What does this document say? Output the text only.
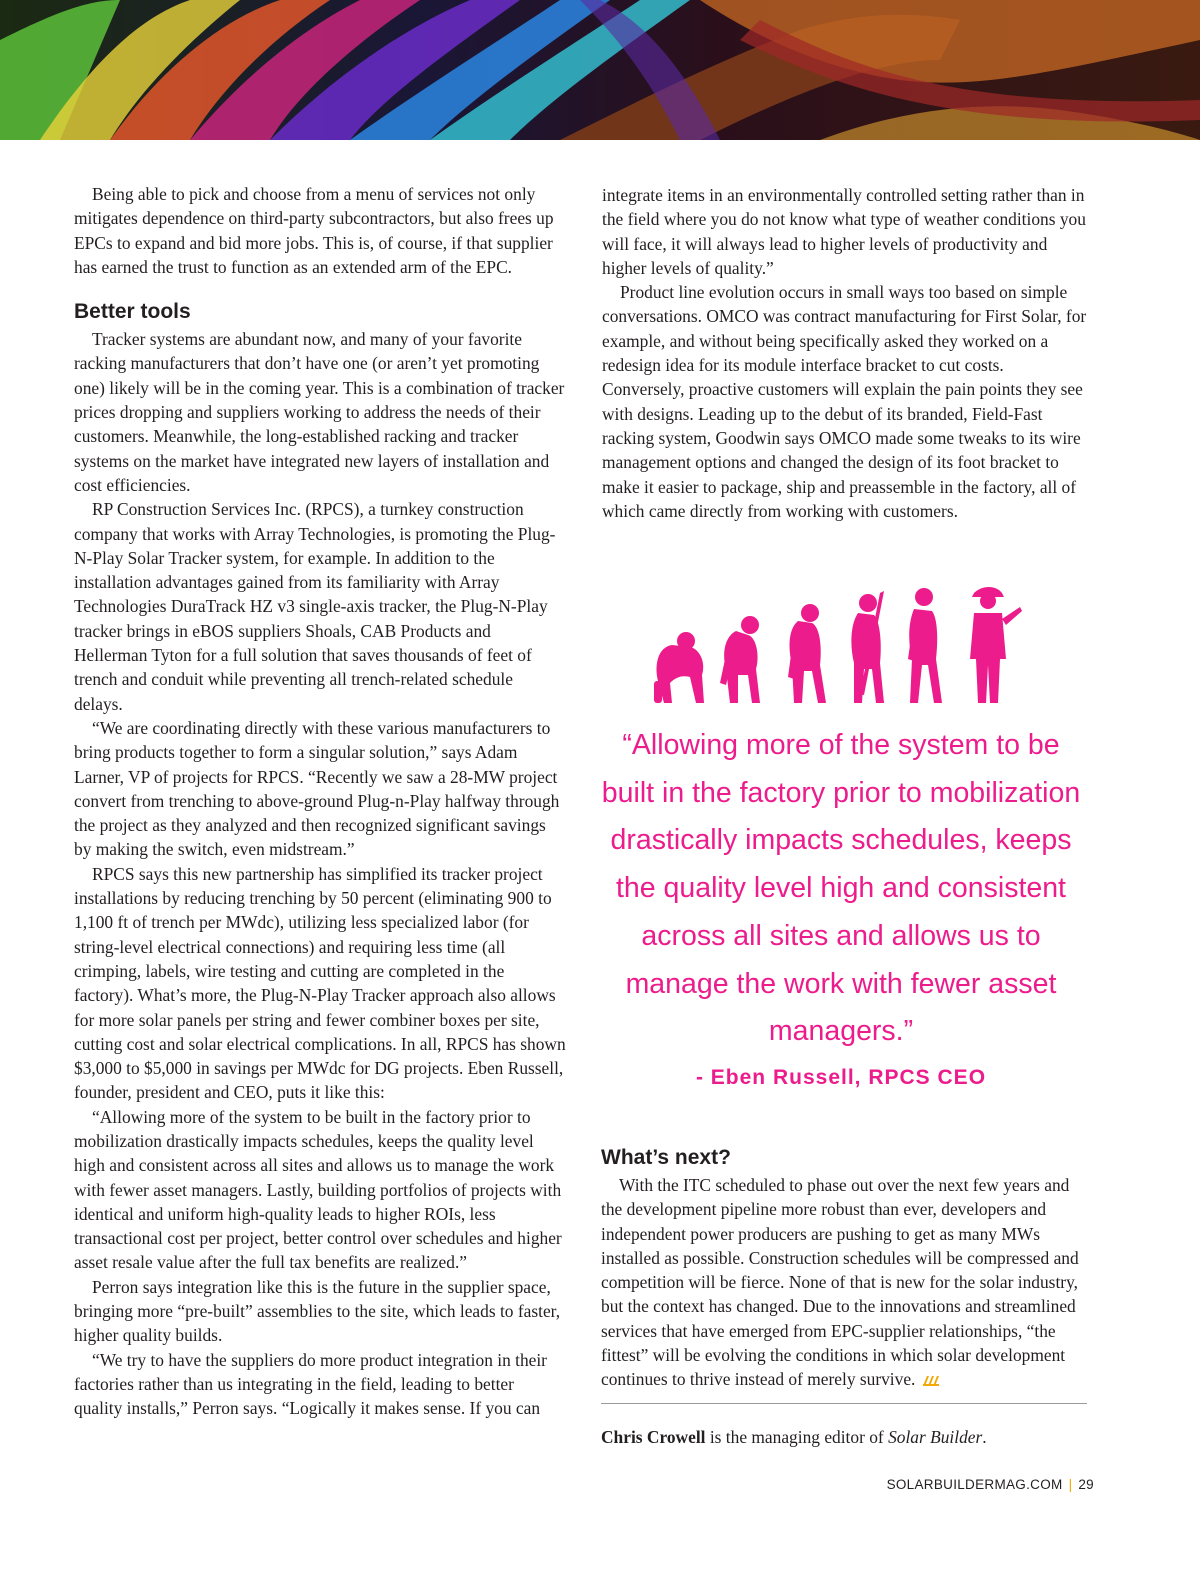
Being able to pick and choose from a menu of services not only mitigates dependence on third-party subcontractors, but also frees up EPCs to expand and bid more jobs. This is, of course, if that supplier has earned the trust to function as an extended arm of the EPC.

Better tools

Tracker systems are abundant now, and many of your favorite racking manufacturers that don’t have one (or aren’t yet promoting one) likely will be in the coming year. This is a combination of tracker prices dropping and suppliers working to address the needs of their customers. Meanwhile, the long-established racking and tracker systems on the market have integrated new layers of installation and cost efficiencies.

RP Construction Services Inc. (RPCS), a turnkey construction company that works with Array Technologies, is promoting the Plug-N-Play Solar Tracker system, for example. In addition to the installation advantages gained from its familiarity with Array Technologies DuraTrack HZ v3 single-axis tracker, the Plug-N-Play tracker brings in eBOS suppliers Shoals, CAB Products and Hellerman Tyton for a full solution that saves thousands of feet of trench and conduit while preventing all trench-related schedule delays.

“We are coordinating directly with these various manufacturers to bring products together to form a singular solution,” says Adam Larner, VP of projects for RPCS. “Recently we saw a 28-MW project convert from trenching to above-ground Plug-n-Play halfway through the project as they analyzed and then recognized significant savings by making the switch, even midstream.”

RPCS says this new partnership has simplified its tracker project installations by reducing trenching by 50 percent (eliminating 900 to 1,100 ft of trench per MWdc), utilizing less specialized labor (for string-level electrical connections) and requiring less time (all crimping, labels, wire testing and cutting are completed in the factory). What’s more, the Plug-N-Play Tracker approach also allows for more solar panels per string and fewer combiner boxes per site, cutting cost and solar electrical complications. In all, RPCS has shown $3,000 to $5,000 in savings per MWdc for DG projects. Eben Russell, founder, president and CEO, puts it like this:

“Allowing more of the system to be built in the factory prior to mobilization drastically impacts schedules, keeps the quality level high and consistent across all sites and allows us to manage the work with fewer asset managers. Lastly, building portfolios of projects with identical and uniform high-quality leads to higher ROIs, less transactional cost per project, better control over schedules and higher asset resale value after the full tax benefits are realized.”

Perron says integration like this is the future in the supplier space, bringing more “pre-built” assemblies to the site, which leads to faster, higher quality builds.

“We try to have the suppliers do more product integration in their factories rather than us integrating in the field, leading to better quality installs,” Perron says. “Logically it makes sense. If you can

integrate items in an environmentally controlled setting rather than in the field where you do not know what type of weather conditions you will face, it will always lead to higher levels of productivity and higher levels of quality.”

Product line evolution occurs in small ways too based on simple conversations. OMCO was contract manufacturing for First Solar, for example, and without being specifically asked they worked on a redesign idea for its module interface bracket to cut costs. Conversely, proactive customers will explain the pain points they see with designs. Leading up to the debut of its branded, Field-Fast racking system, Goodwin says OMCO made some tweaks to its wire management options and changed the design of its foot bracket to make it easier to package, ship and preassemble in the factory, all of which came directly from working with customers.

“Allowing more of the system to be built in the factory prior to mobilization drastically impacts schedules, keeps the quality level high and consistent across all sites and allows us to manage the work with fewer asset managers.”
- Eben Russell, RPCS CEO
What’s next?

With the ITC scheduled to phase out over the next few years and the development pipeline more robust than ever, developers and independent power producers are pushing to get as many MWs installed as possible. Construction schedules will be compressed and competition will be fierce. None of that is new for the solar industry, but the context has changed. Due to the innovations and streamlined services that have emerged from EPC-supplier relationships, “the fittest” will be evolving the conditions in which solar development continues to thrive instead of merely survive.

Chris Crowell is the managing editor of Solar Builder.
SOLARBUILDERMAG.COM | 29
